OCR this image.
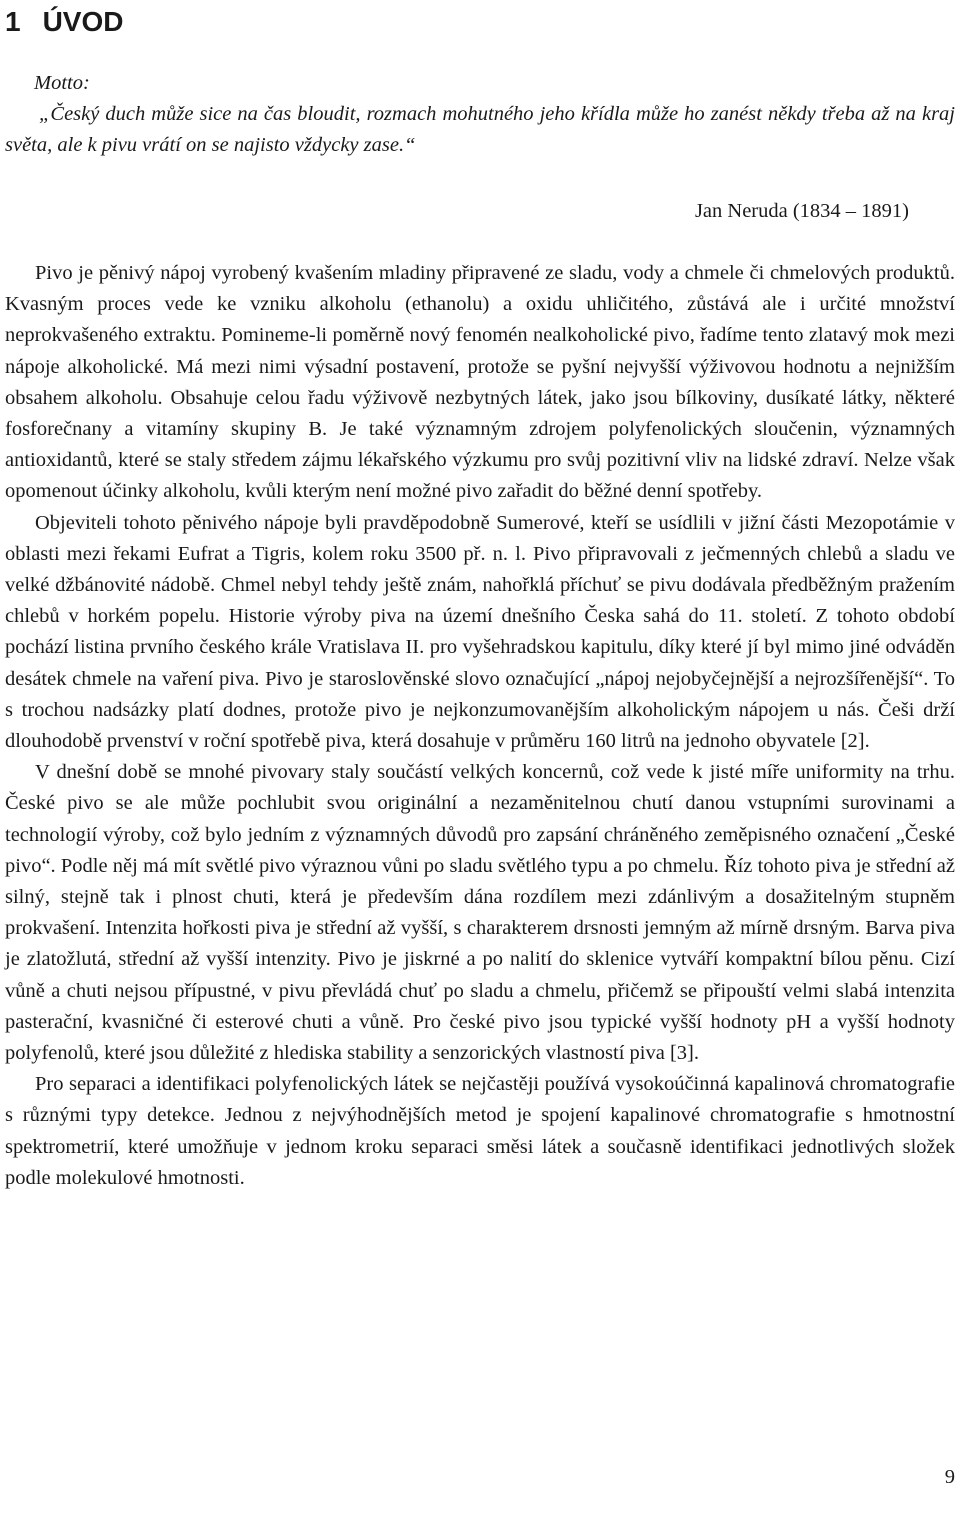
1 ÚVOD
Motto:

„Český duch může sice na čas bloudit, rozmach mohutného jeho křídla může ho zanést někdy třeba až na kraj světa, ale k pivu vrátí on se najisto vždycky zase.“

Jan Neruda (1834 – 1891)

Pivo je pěnivý nápoj vyrobený kvašením mladiny připravené ze sladu, vody a chmele či chmelových produktů. Kvasným proces vede ke vzniku alkoholu (ethanolu) a oxidu uhličitého, zůstává ale i určité množství neprokvašeného extraktu. Pomineme-li poměrně nový fenomén nealkoholické pivo, řadíme tento zlatavý mok mezi nápoje alkoholické. Má mezi nimi výsadní postavení, protože se pyšní nejvyšší výživovou hodnotu a nejnižším obsahem alkoholu. Obsahuje celou řadu výživově nezbytných látek, jako jsou bílkoviny, dusíkaté látky, některé fosforečnany a vitamíny skupiny B. Je také významným zdrojem polyfenolických sloučenin, významných antioxidantů, které se staly středem zájmu lékařského výzkumu pro svůj pozitivní vliv na lidské zdraví. Nelze však opomenout účinky alkoholu, kvůli kterým není možné pivo zařadit do běžné denní spotřeby.

Objeviteli tohoto pěnivého nápoje byli pravděpodobně Sumerové, kteří se usídlili v jižní části Mezopotámie v oblasti mezi řekami Eufrat a Tigris, kolem roku 3500 př. n. l. Pivo připravovali z ječmenných chlebů a sladu ve velké džbánovité nádobě. Chmel nebyl tehdy ještě znám, nahořklá příchuť se pivu dodávala předběžným pražením chlebů v horkém popelu. Historie výroby piva na území dnešního Česka sahá do 11. století. Z tohoto období pochází listina prvního českého krále Vratislava II. pro vyšehradskou kapitulu, díky které jí byl mimo jiné odváděn desátek chmele na vaření piva. Pivo je staroslověnské slovo označující „nápoj nejobyčejnější a nejrozšířenější“. To s trochou nadsázky platí dodnes, protože pivo je nejkonzumovanějším alkoholickým nápojem u nás. Češi drží dlouhodobě prvenství v roční spotřebě piva, která dosahuje v průměru 160 litrů na jednoho obyvatele [2].

V dnešní době se mnohé pivovary staly součástí velkých koncernů, což vede k jisté míře uniformity na trhu. České pivo se ale může pochlubit svou originální a nezaměnitelnou chutí danou vstupními surovinami a technologií výroby, což bylo jedním z významných důvodů pro zapsání chráněného zeměpisného označení „České pivo“. Podle něj má mít světlé pivo výraznou vůni po sladu světlého typu a po chmelu. Říz tohoto piva je střední až silný, stejně tak i plnost chuti, která je především dána rozdílem mezi zdánlivým a dosažitelným stupněm prokvašení. Intenzita hořkosti piva je střední až vyšší, s charakterem drsnosti jemným až mírně drsným. Barva piva je zlatožlutá, střední až vyšší intenzity. Pivo je jiskrné a po nalití do sklenice vytváří kompaktní bílou pěnu. Cizí vůně a chuti nejsou přípustné, v pivu převládá chuť po sladu a chmelu, přičemž se připouští velmi slabá intenzita pasterační, kvasničné či esterové chuti a vůně. Pro české pivo jsou typické vyšší hodnoty pH a vyšší hodnoty polyfenolů, které jsou důležité z hlediska stability a senzorických vlastností piva [3].

Pro separaci a identifikaci polyfenolických látek se nejčastěji používá vysokoúčinná kapalinová chromatografie s různými typy detekce. Jednou z nejvýhodnějších metod je spojení kapalinové chromatografie s hmotnostní spektrometrií, které umožňuje v jednom kroku separaci směsi látek a současně identifikaci jednotlivých složek podle molekulové hmotnosti.

9
